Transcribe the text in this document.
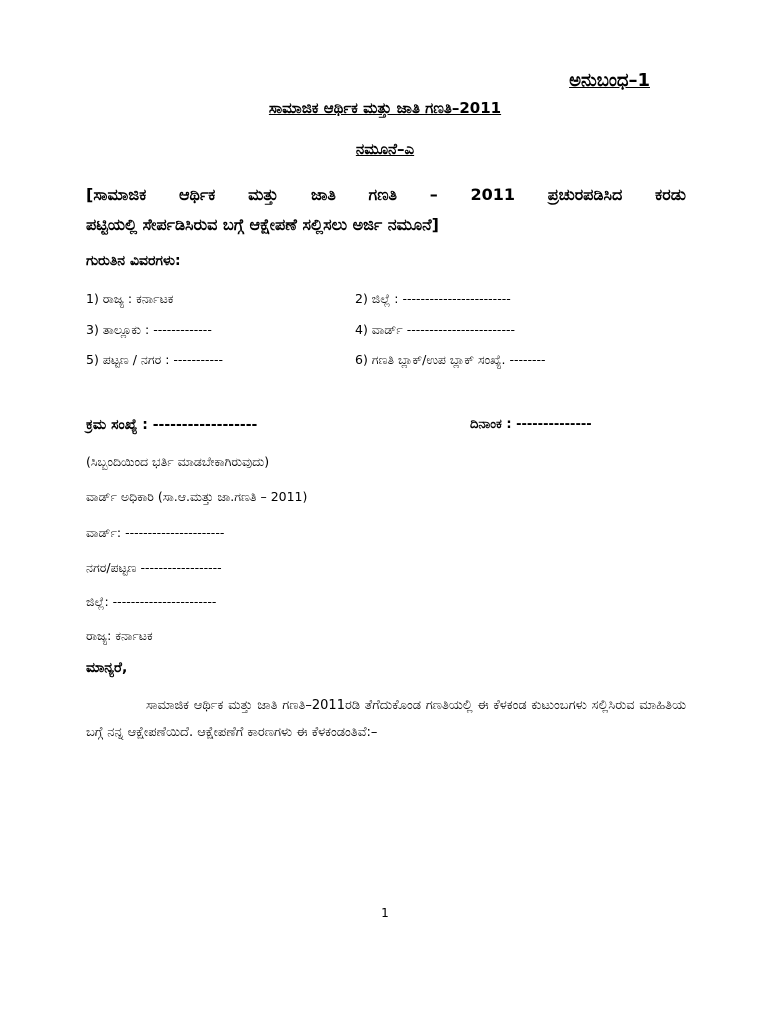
ಅನುಬಂಧ–1
ಸಾಮಾಜಿಕ ಆರ್ಥಿಕ ಮತ್ತು ಜಾತಿ ಗಣತಿ–2011
ನಮೂನೆ–ಎ
[ಸಾಮಾಜಿಕ ಆರ್ಥಿಕ ಮತ್ತು ಜಾತಿ ಗಣತಿ – 2011 ಪ್ರಚುರಪಡಿಸಿದ ಕರಡು
ಪಟ್ಟಿಯಲ್ಲಿ ಸೇರ್ಪಡಿಸಿರುವ ಬಗ್ಗೆ ಆಕ್ಷೇಪಣೆ ಸಲ್ಲಿಸಲು ಅರ್ಜಿ ನಮೂನೆ]
ಗುರುತಿನ ವಿವರಗಳು:
1) ರಾಜ್ಯ : ಕರ್ನಾಟಕ	2) ಜಿಲ್ಲೆ : ------------------------
3) ತಾಲ್ಲೂಕು : -------------	4) ವಾರ್ಡ್ ------------------------
5) ಪಟ್ಟಣ / ನಗರ : -----------	6) ಗಣತಿ ಬ್ಲಾಕ್/ಉಪ ಬ್ಲಾಕ್ ಸಂಖ್ಯೆ. --------
ಕ್ರಮ ಸಂಖ್ಯೆ : ------------------	ದಿನಾಂಕ : --------------
(ಸಿಬ್ಬಂದಿಯಿಂದ ಭರ್ತಿ ಮಾಡಬೇಕಾಗಿರುವುದು)
ವಾರ್ಡ್ ಅಧಿಕಾರಿ (ಸಾ.ಆ.ಮತ್ತು ಜಾ.ಗಣತಿ – 2011)
ವಾರ್ಡ್: ----------------------
ನಗರ/ಪಟ್ಟಣ ------------------
ಜಿಲ್ಲೆ: -----------------------
ರಾಜ್ಯ: ಕರ್ನಾಟಕ
ಮಾನ್ಯರೆ,
ಸಾಮಾಜಿಕ ಆರ್ಥಿಕ ಮತ್ತು ಜಾತಿ ಗಣತಿ–2011ರಡಿ ತೆಗೆದುಕೊಂಡ ಗಣತಿಯಲ್ಲಿ ಈ ಕೆಳಕಂಡ ಕುಟುಂಬಗಳು ಸಲ್ಲಿಸಿರುವ ಮಾಹಿತಿಯ ಬಗ್ಗೆ ನನ್ನ ಆಕ್ಷೇಪಣೆಯಿದೆ. ಆಕ್ಷೇಪಣೆಗೆ ಕಾರಣಗಳು ಈ ಕೆಳಕಂಡಂತಿವೆ:–
1
